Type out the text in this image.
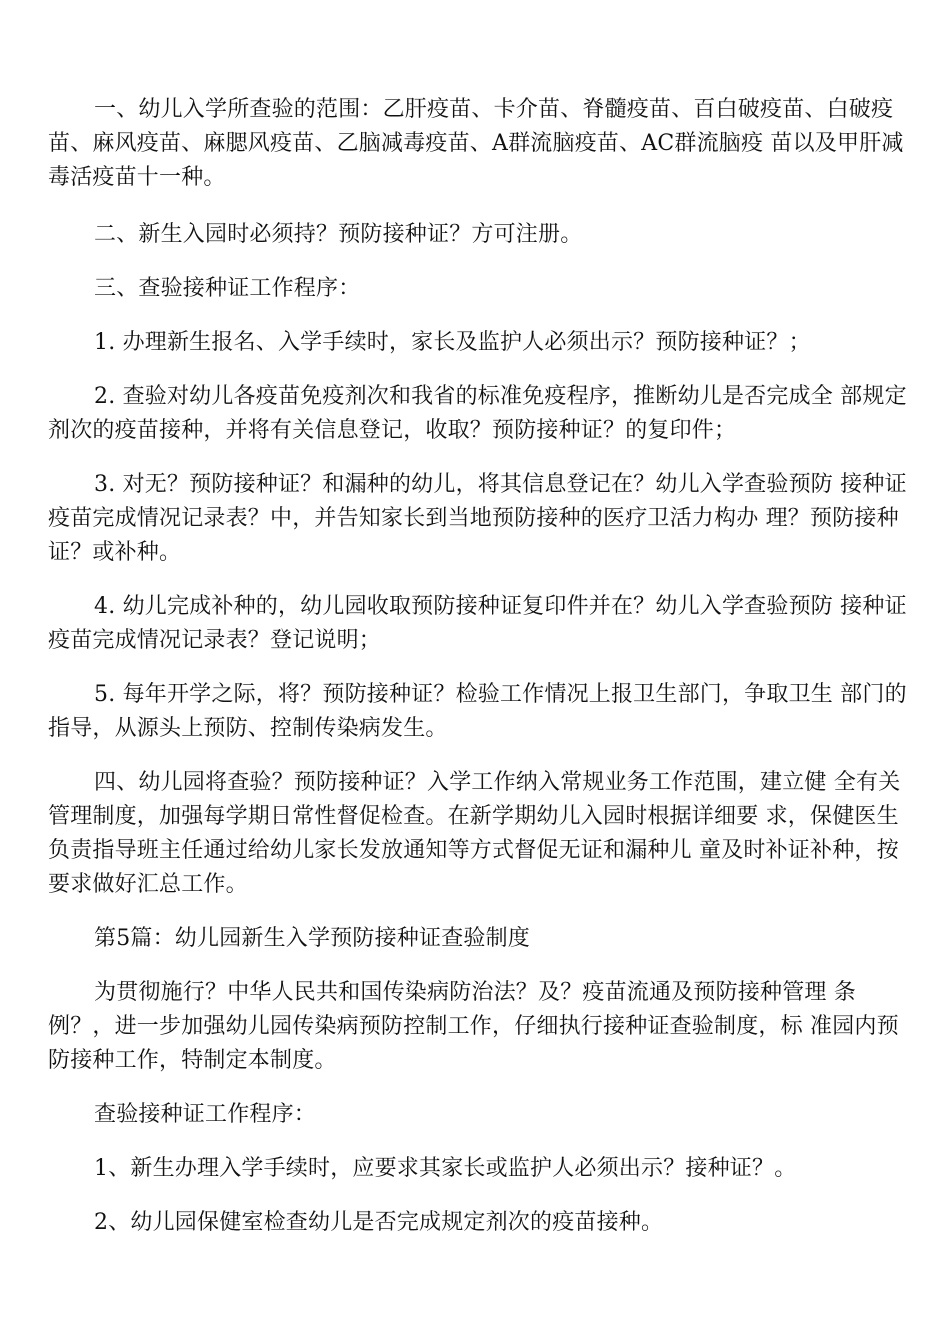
一、幼儿入学所查验的范围：乙肝疫苗、卡介苗、脊髓疫苗、百白破疫苗、白破疫苗、麻风疫苗、麻腮风疫苗、乙脑减毒疫苗、A群流脑疫苗、AC群流脑疫 苗以及甲肝减毒活疫苗十一种。

二、新生入园时必须持？预防接种证？方可注册。

三、查验接种证工作程序：

1. 办理新生报名、入学手续时，家长及监护人必须出示？预防接种证？；

2. 查验对幼儿各疫苗免疫剂次和我省的标准免疫程序，推断幼儿是否完成全 部规定剂次的疫苗接种，并将有关信息登记，收取？预防接种证？的复印件；

3. 对无？预防接种证？和漏种的幼儿，将其信息登记在？幼儿入学查验预防 接种证疫苗完成情况记录表？中，并告知家长到当地预防接种的医疗卫活力构办 理？预防接种证？或补种。

4. 幼儿完成补种的，幼儿园收取预防接种证复印件并在？幼儿入学查验预防 接种证疫苗完成情况记录表？登记说明；

5. 每年开学之际，将？预防接种证？检验工作情况上报卫生部门，争取卫生 部门的指导，从源头上预防、控制传染病发生。

四、幼儿园将查验？预防接种证？入学工作纳入常规业务工作范围，建立健 全有关管理制度，加强每学期日常性督促检查。在新学期幼儿入园时根据详细要 求，保健医生负责指导班主任通过给幼儿家长发放通知等方式督促无证和漏种儿 童及时补证补种，按要求做好汇总工作。

第5篇：幼儿园新生入学预防接种证查验制度

为贯彻施行？中华人民共和国传染病防治法？及？疫苗流通及预防接种管理 条例？，进一步加强幼儿园传染病预防控制工作，仔细执行接种证查验制度，标 准园内预防接种工作，特制定本制度。

查验接种证工作程序：

1、新生办理入学手续时，应要求其家长或监护人必须出示？接种证？。

2、幼儿园保健室检查幼儿是否完成规定剂次的疫苗接种。
